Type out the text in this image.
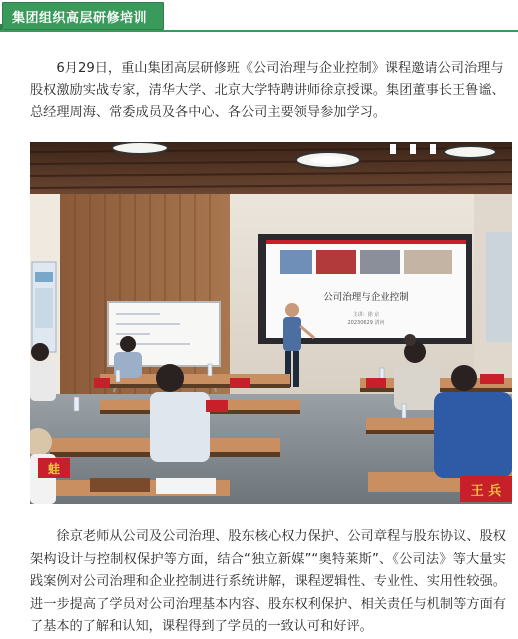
集团组织高层研修培训

6月29日，重山集团高层研修班《公司治理与企业控制》课程邀请公司治理与股权激励实战专家，清华大学、北京大学特聘讲师徐京授课。集团董事长王鲁谧、总经理周海、常委成员及各中心、各公司主要领导参加学习。

公司治理与企业控制
主讲：徐 京
20230629 清河
蛙
王 兵

徐京老师从公司及公司治理、股东核心权力保护、公司章程与股东协议、股权架构设计与控制权保护等方面，结合“独立新媒”“奥特莱斯”、《公司法》等大量实践案例对公司治理和企业控制进行系统讲解，课程逻辑性、专业性、实用性较强。进一步提高了学员对公司治理基本内容、股东权利保护、相关责任与机制等方面有了基本的了解和认知，课程得到了学员的一致认可和好评。
